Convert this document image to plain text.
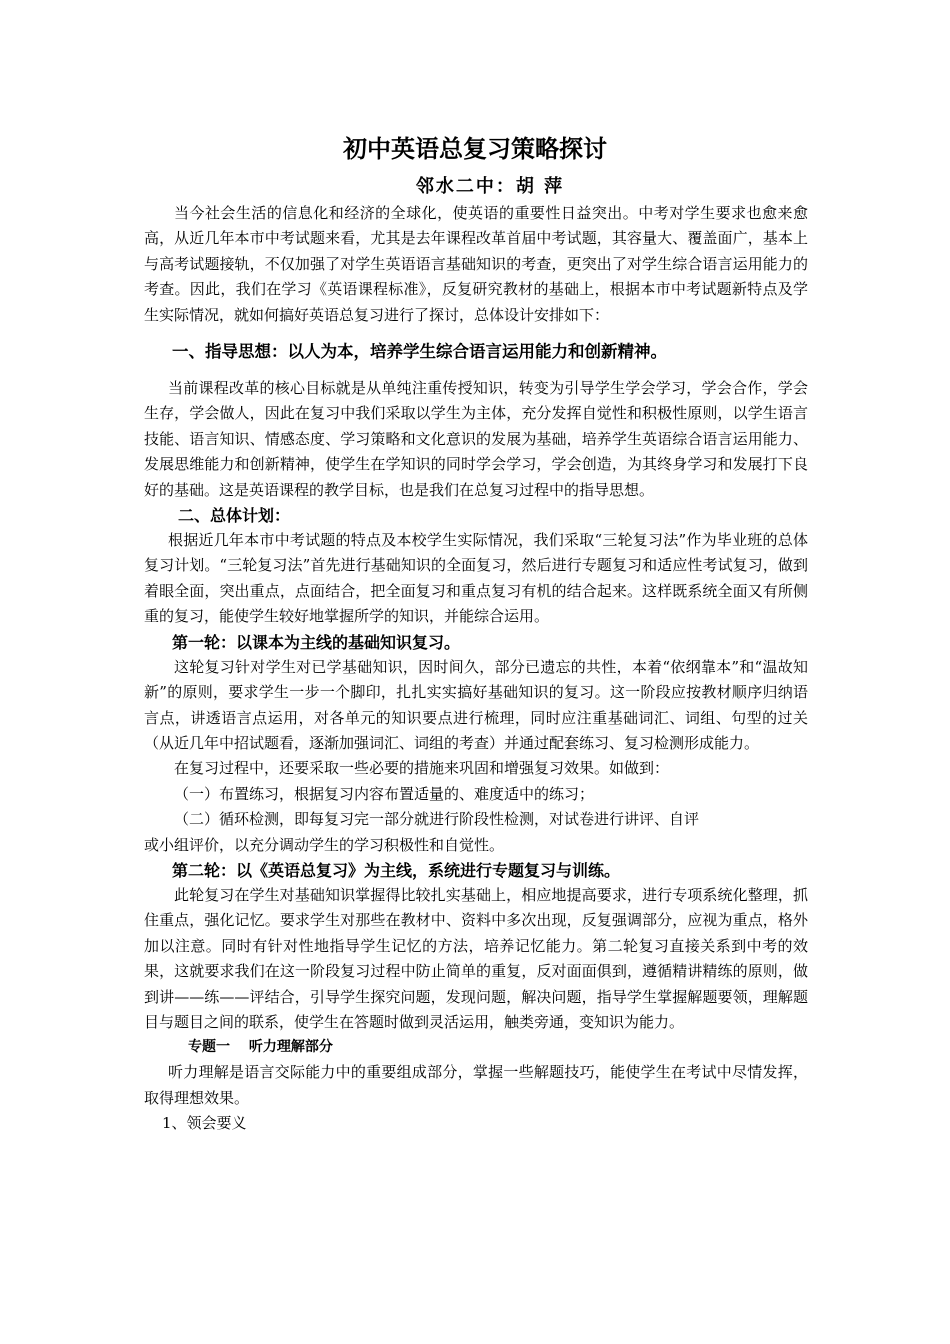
初中英语总复习策略探讨
邻水二中：胡 萍

当今社会生活的信息化和经济的全球化，使英语的重要性日益突出。中考对学生要求也愈来愈高，从近几年本市中考试题来看，尤其是去年课程改革首届中考试题，其容量大、覆盖面广，基本上与高考试题接轨，不仅加强了对学生英语语言基础知识的考查，更突出了对学生综合语言运用能力的考查。因此，我们在学习《英语课程标准》，反复研究教材的基础上，根据本市中考试题新特点及学生实际情况，就如何搞好英语总复习进行了探讨，总体设计安排如下：

一、指导思想：以人为本，培养学生综合语言运用能力和创新精神。

当前课程改革的核心目标就是从单纯注重传授知识，转变为引导学生学会学习，学会合作，学会生存，学会做人，因此在复习中我们采取以学生为主体，充分发挥自觉性和积极性原则，以学生语言技能、语言知识、情感态度、学习策略和文化意识的发展为基础，培养学生英语综合语言运用能力、发展思维能力和创新精神，使学生在学知识的同时学会学习，学会创造，为其终身学习和发展打下良好的基础。这是英语课程的教学目标，也是我们在总复习过程中的指导思想。

二、总体计划：

根据近几年本市中考试题的特点及本校学生实际情况，我们采取“三轮复习法”作为毕业班的总体复习计划。“三轮复习法”首先进行基础知识的全面复习，然后进行专题复习和适应性考试复习，做到着眼全面，突出重点，点面结合，把全面复习和重点复习有机的结合起来。这样既系统全面又有所侧重的复习，能使学生较好地掌握所学的知识，并能综合运用。

第一轮：以课本为主线的基础知识复习。

这轮复习针对学生对已学基础知识，因时间久，部分已遗忘的共性，本着“依纲靠本”和“温故知新”的原则，要求学生一步一个脚印，扎扎实实搞好基础知识的复习。这一阶段应按教材顺序归纳语言点，讲透语言点运用，对各单元的知识要点进行梳理，同时应注重基础词汇、词组、句型的过关（从近几年中招试题看，逐渐加强词汇、词组的考查）并通过配套练习、复习检测形成能力。

在复习过程中，还要采取一些必要的措施来巩固和增强复习效果。如做到：

（一）布置练习，根据复习内容布置适量的、难度适中的练习；

（二）循环检测，即每复习完一部分就进行阶段性检测，对试卷进行讲评、自评

或小组评价，以充分调动学生的学习积极性和自觉性。

第二轮：以《英语总复习》为主线，系统进行专题复习与训练。

此轮复习在学生对基础知识掌握得比较扎实基础上，相应地提高要求，进行专项系统化整理，抓住重点，强化记忆。要求学生对那些在教材中、资料中多次出现，反复强调部分，应视为重点，格外加以注意。同时有针对性地指导学生记忆的方法，培养记忆能力。第二轮复习直接关系到中考的效果，这就要求我们在这一阶段复习过程中防止简单的重复，反对面面俱到，遵循精讲精练的原则，做到讲——练——评结合，引导学生探究问题，发现问题，解决问题，指导学生掌握解题要领，理解题目与题目之间的联系，使学生在答题时做到灵活运用，触类旁通，变知识为能力。

专题一　 听力理解部分

听力理解是语言交际能力中的重要组成部分，掌握一些解题技巧，能使学生在考试中尽情发挥，取得理想效果。

1、领会要义
